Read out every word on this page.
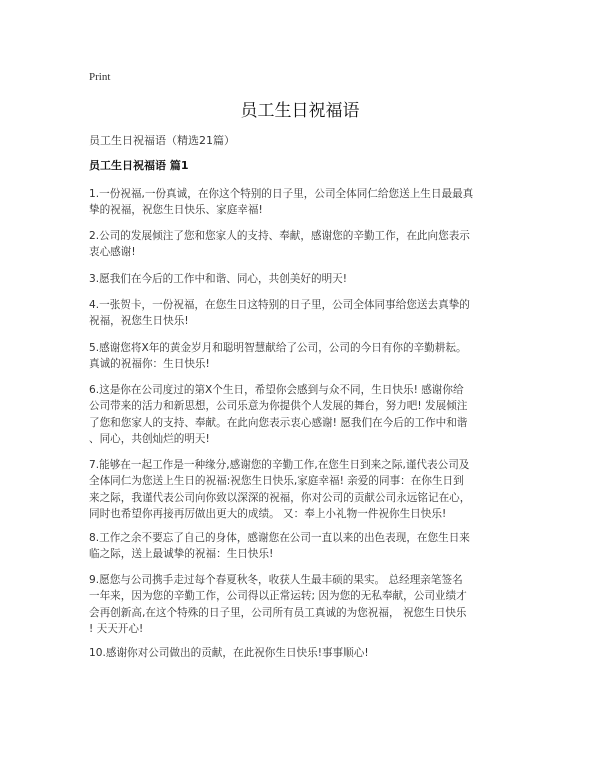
Print
员工生日祝福语
员工生日祝福语（精选21篇）
员工生日祝福语 篇1

1.一份祝福,一份真诚，在你这个特别的日子里，公司全体同仁给您送上生日最最真
挚的祝福，祝您生日快乐、家庭幸福!

2.公司的发展倾注了您和您家人的支持、奉献，感谢您的辛勤工作，在此向您表示
衷心感谢!

3.愿我们在今后的工作中和谐、同心，共创美好的明天!

4.一张贺卡，一份祝福，在您生日这特别的日子里，公司全体同事给您送去真挚的
祝福，祝您生日快乐!

5.感谢您将X年的黄金岁月和聪明智慧献给了公司，公司的今日有你的辛勤耕耘。
真诚的祝福你：生日快乐!

6.这是你在公司度过的第X个生日，希望你会感到与众不同，生日快乐! 感谢你给
公司带来的活力和新思想，公司乐意为你提供个人发展的舞台，努力吧! 发展倾注
了您和您家人的支持、奉献。在此向您表示衷心感谢! 愿我们在今后的工作中和谐
、同心，共创灿烂的明天!

7.能够在一起工作是一种缘分,感谢您的辛勤工作,在您生日到来之际,谨代表公司及
全体同仁为您送上生日的祝福:祝您生日快乐,家庭幸福! 亲爱的同事：在你生日到
来之际，我谨代表公司向你致以深深的祝福，你对公司的贡献公司永远铭记在心，
同时也希望你再接再厉做出更大的成绩。 又：奉上小礼物一件祝你生日快乐!

8.工作之余不要忘了自己的身体，感谢您在公司一直以来的出色表现，在您生日来
临之际，送上最诚挚的祝福：生日快乐!

9.愿您与公司携手走过每个春夏秋冬，收获人生最丰硕的果实。 总经理亲笔签名
一年来，因为您的辛勤工作，公司得以正常运转; 因为您的无私奉献，公司业绩才
会再创新高,在这个特殊的日子里，公司所有员工真诚的为您祝福， 祝您生日快乐
! 天天开心!

10.感谢你对公司做出的贡献，在此祝你生日快乐!事事顺心!
